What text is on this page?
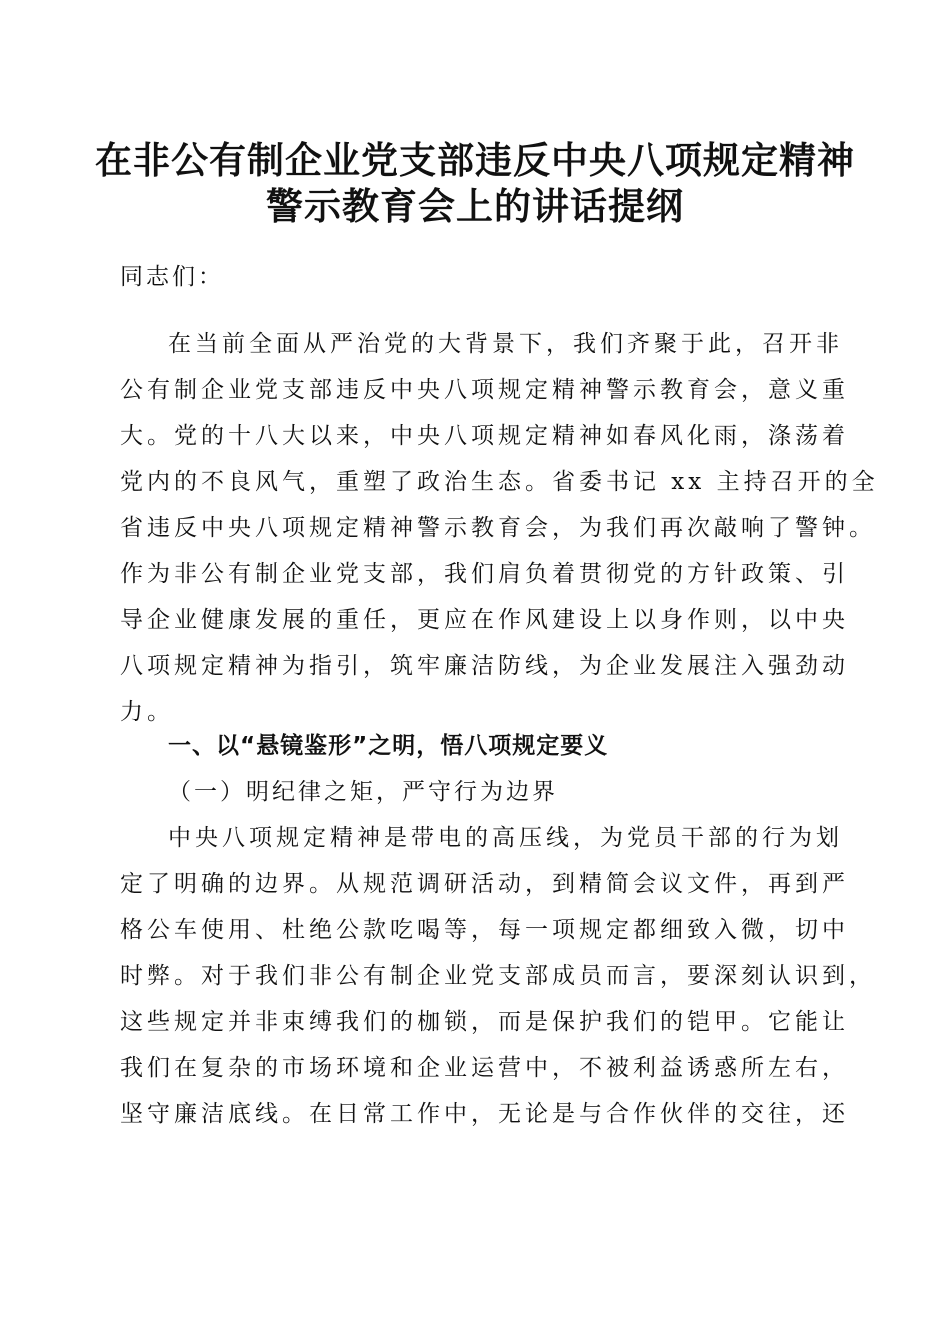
在非公有制企业党支部违反中央八项规定精神
警示教育会上的讲话提纲
同志们：
在当前全面从严治党的大背景下，我们齐聚于此，召开非
公有制企业党支部违反中央八项规定精神警示教育会，意义重
大。党的十八大以来，中央八项规定精神如春风化雨，涤荡着
党内的不良风气，重塑了政治生态。省委书记 xx 主持召开的全
省违反中央八项规定精神警示教育会，为我们再次敲响了警钟。
作为非公有制企业党支部，我们肩负着贯彻党的方针政策、引
导企业健康发展的重任，更应在作风建设上以身作则，以中央
八项规定精神为指引，筑牢廉洁防线，为企业发展注入强劲动
力。
一、以“悬镜鉴形”之明，悟八项规定要义
（一）明纪律之矩，严守行为边界
中央八项规定精神是带电的高压线，为党员干部的行为划
定了明确的边界。从规范调研活动，到精简会议文件，再到严
格公车使用、杜绝公款吃喝等，每一项规定都细致入微，切中
时弊。对于我们非公有制企业党支部成员而言，要深刻认识到，
这些规定并非束缚我们的枷锁，而是保护我们的铠甲。它能让
我们在复杂的市场环境和企业运营中，不被利益诱惑所左右，
坚守廉洁底线。在日常工作中，无论是与合作伙伴的交往，还
